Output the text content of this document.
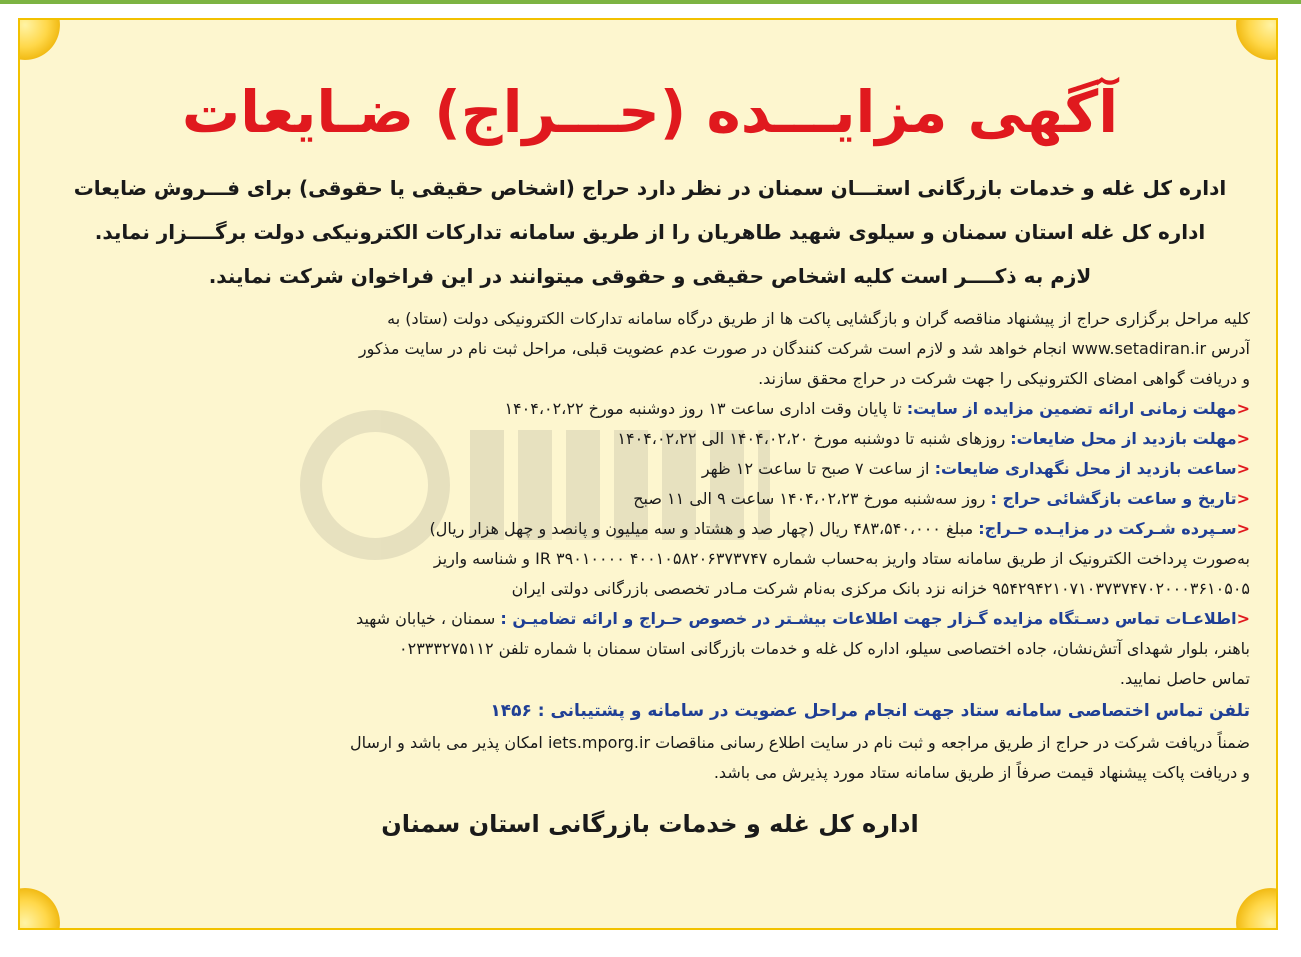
آگهی مزایـــده (حـــراج) ضـایعات
اداره کل غله و خدمات بازرگانی استـــان سمنان در نظر دارد حراج (اشخاص حقیقی یا حقوقی) برای فـــروش ضایعات
اداره کل غله استان سمنان و سیلوی شهید طاهریان را از طریق سامانه تدارکات الکترونیکی دولت برگــــزار نماید.
لازم به ذکــــر است کلیه اشخاص حقیقی و حقوقی میتوانند در این فراخوان شرکت نمایند.
کلیه مراحل برگزاری حراج از پیشنهاد مناقصه گران و بازگشایی پاکت ها از طریق درگاه سامانه تدارکات الکترونیکی دولت (ستاد) به
آدرس www.setadiran.ir انجام خواهد شد و لازم است شرکت کنندگان در صورت عدم عضویت قبلی، مراحل ثبت نام در سایت مذکور
و دریافت گواهی امضای الکترونیکی را جهت شرکت در حراج محقق سازند.
<مهلت زمانی ارائه تضمین مزایده از سایت: تا پایان وقت اداری ساعت ۱۳ روز دوشنبه مورخ ۱۴۰۴،۰۲،۲۲
<مهلت بازدید از محل ضایعات: روزهای شنبه تا دوشنبه مورخ ۱۴۰۴،۰۲،۲۰ الی ۱۴۰۴،۰۲،۲۲
<ساعت بازدید از محل نگهداری ضایعات: از ساعت ۷ صبح تا ساعت ۱۲ ظهر
<تاریخ و ساعت بازگشائی حراج : روز سه‌شنبه مورخ ۱۴۰۴،۰۲،۲۳ ساعت ۹ الی ۱۱ صبح
<سـپرده شـرکت در مزایـده حـراج: مبلغ ۴۸۳،۵۴۰،۰۰۰ ریال (چهار صد و هشتاد و سه میلیون و پانصد و چهل هزار ریال)
به‌صورت پرداخت الکترونیک از طریق سامانه ستاد واریز به‌حساب شماره ۴۰۰۱۰۵۸۲۰۶۳۷۳۷۴۷ IR ۳۹۰۱۰۰۰۰ و شناسه واریز
۹۵۴۲۹۴۲۱۰۷۱۰۳۷۳۷۴۷۰۲۰۰۰۳۶۱۰۵۰۵ خزانه نزد بانک مرکزی به‌نام شرکت مـادر تخصصی بازرگانی دولتی ایران
<اطلاعـات تماس دسـتگاه مزایده گـزار جهت اطلاعات بیشـتر در خصوص حـراج و ارائه تضامیـن : سمنان ، خیابان شهید
باهنر، بلوار شهدای آتش‌نشان، جاده اختصاصی سیلو، اداره کل غله و خدمات بازرگانی استان سمنان با شماره تلفن ۰۲۳۳۳۲۷۵۱۱۲
تماس حاصل نمایید.
تلفن تماس اختصاصی سامانه ستاد جهت انجام مراحل عضویت در سامانه و پشتیبانی : ۱۴۵۶
ضمناً دریافت شرکت در حراج از طریق مراجعه و ثبت نام در سایت اطلاع رسانی مناقصات iets.mporg.ir امکان پذیر می باشد و ارسال
و دریافت پاکت پیشنهاد قیمت صرفاً از طریق سامانه ستاد مورد پذیرش می باشد.
اداره کل غله و خدمات بازرگانی استان سمنان
